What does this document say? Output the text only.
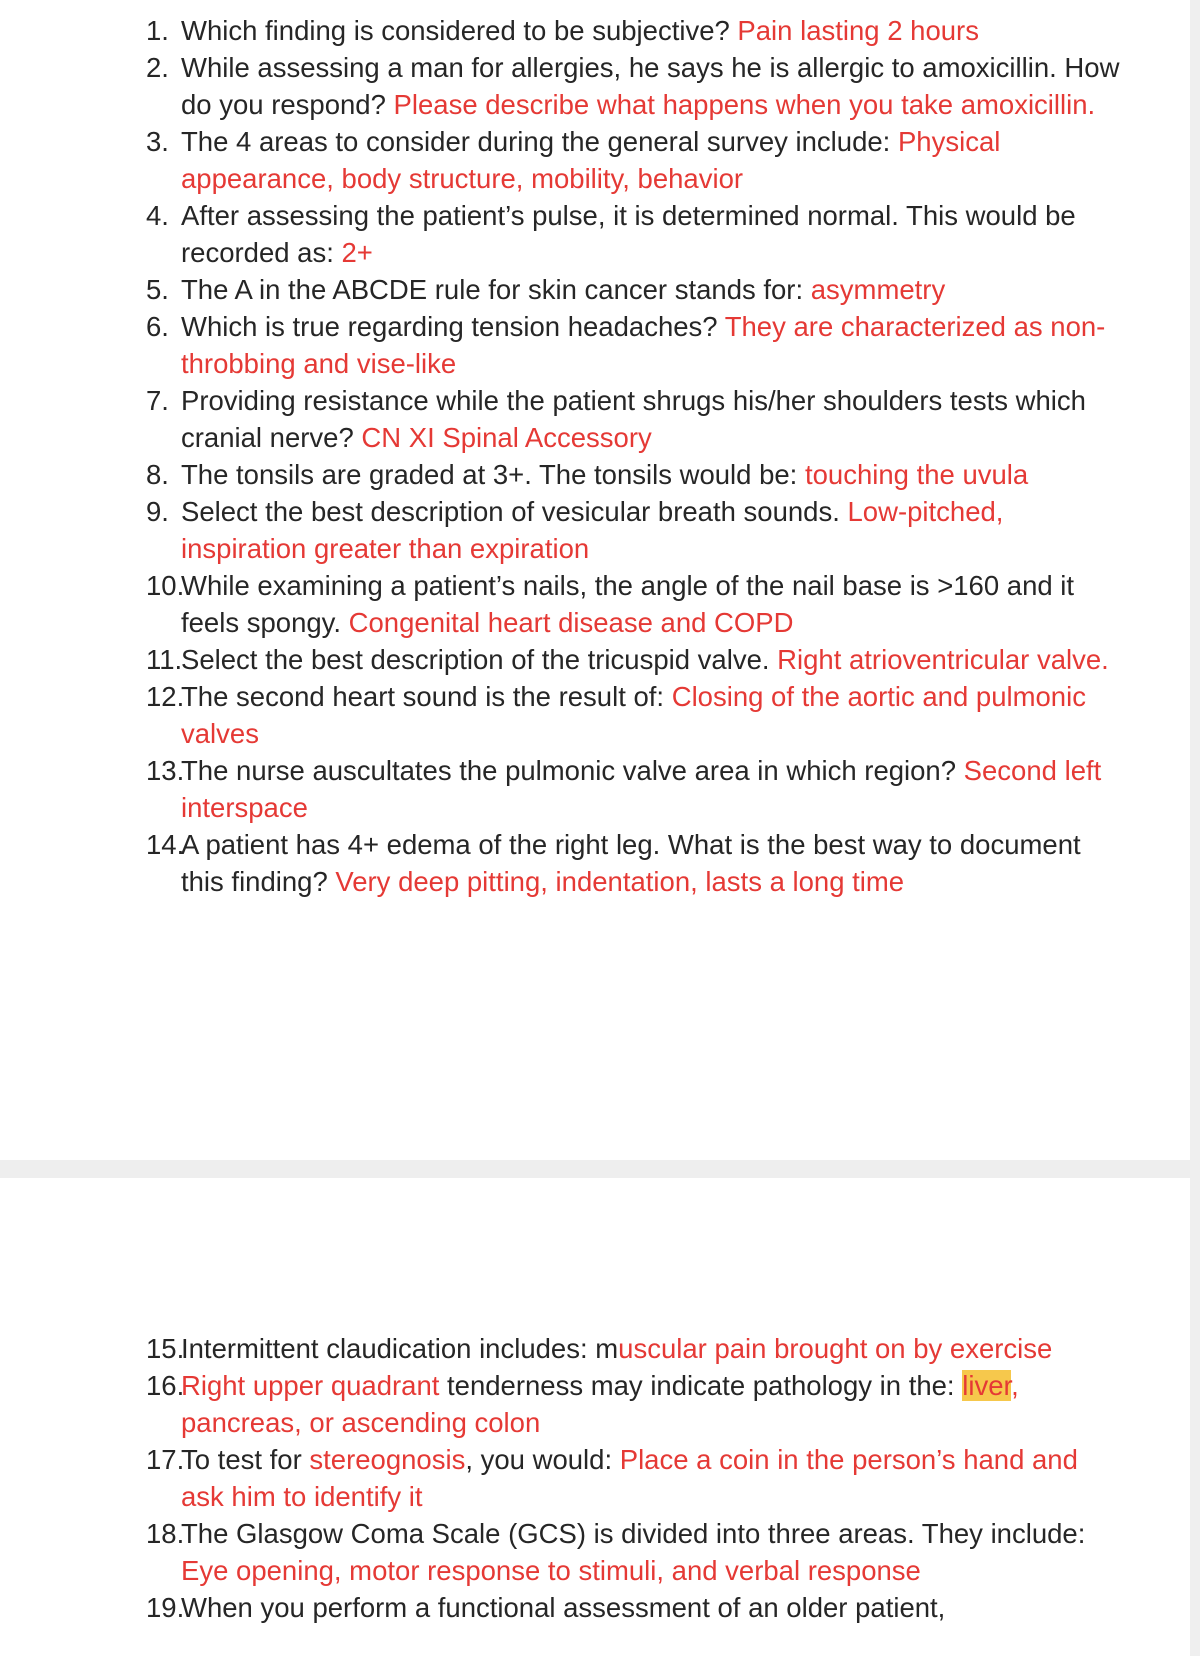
1. Which finding is considered to be subjective? Pain lasting 2 hours
2. While assessing a man for allergies, he says he is allergic to amoxicillin. How do you respond? Please describe what happens when you take amoxicillin.
3. The 4 areas to consider during the general survey include: Physical appearance, body structure, mobility, behavior
4. After assessing the patient’s pulse, it is determined normal. This would be recorded as: 2+
5. The A in the ABCDE rule for skin cancer stands for: asymmetry
6. Which is true regarding tension headaches? They are characterized as non-throbbing and vise-like
7. Providing resistance while the patient shrugs his/her shoulders tests which cranial nerve? CN XI Spinal Accessory
8. The tonsils are graded at 3+. The tonsils would be: touching the uvula
9. Select the best description of vesicular breath sounds. Low-pitched, inspiration greater than expiration
10.
While examining a patient’s nails, the angle of the nail base is >160 and it feels spongy. Congenital heart disease and COPD
11.
Select the best description of the tricuspid valve. Right atrioventricular valve.
12.
The second heart sound is the result of: Closing of the aortic and pulmonic valves
13.
The nurse auscultates the pulmonic valve area in which region? Second left interspace
14.
A patient has 4+ edema of the right leg. What is the best way to document this finding? Very deep pitting, indentation, lasts a long time
15.
Intermittent claudication includes: muscular pain brought on by exercise
16.
Right upper quadrant tenderness may indicate pathology in the: liver, pancreas, or ascending colon
17.
To test for stereognosis, you would: Place a coin in the person’s hand and ask him to identify it
18.
The Glasgow Coma Scale (GCS) is divided into three areas. They include: Eye opening, motor response to stimuli, and verbal response
19.
When you perform a functional assessment of an older patient,
